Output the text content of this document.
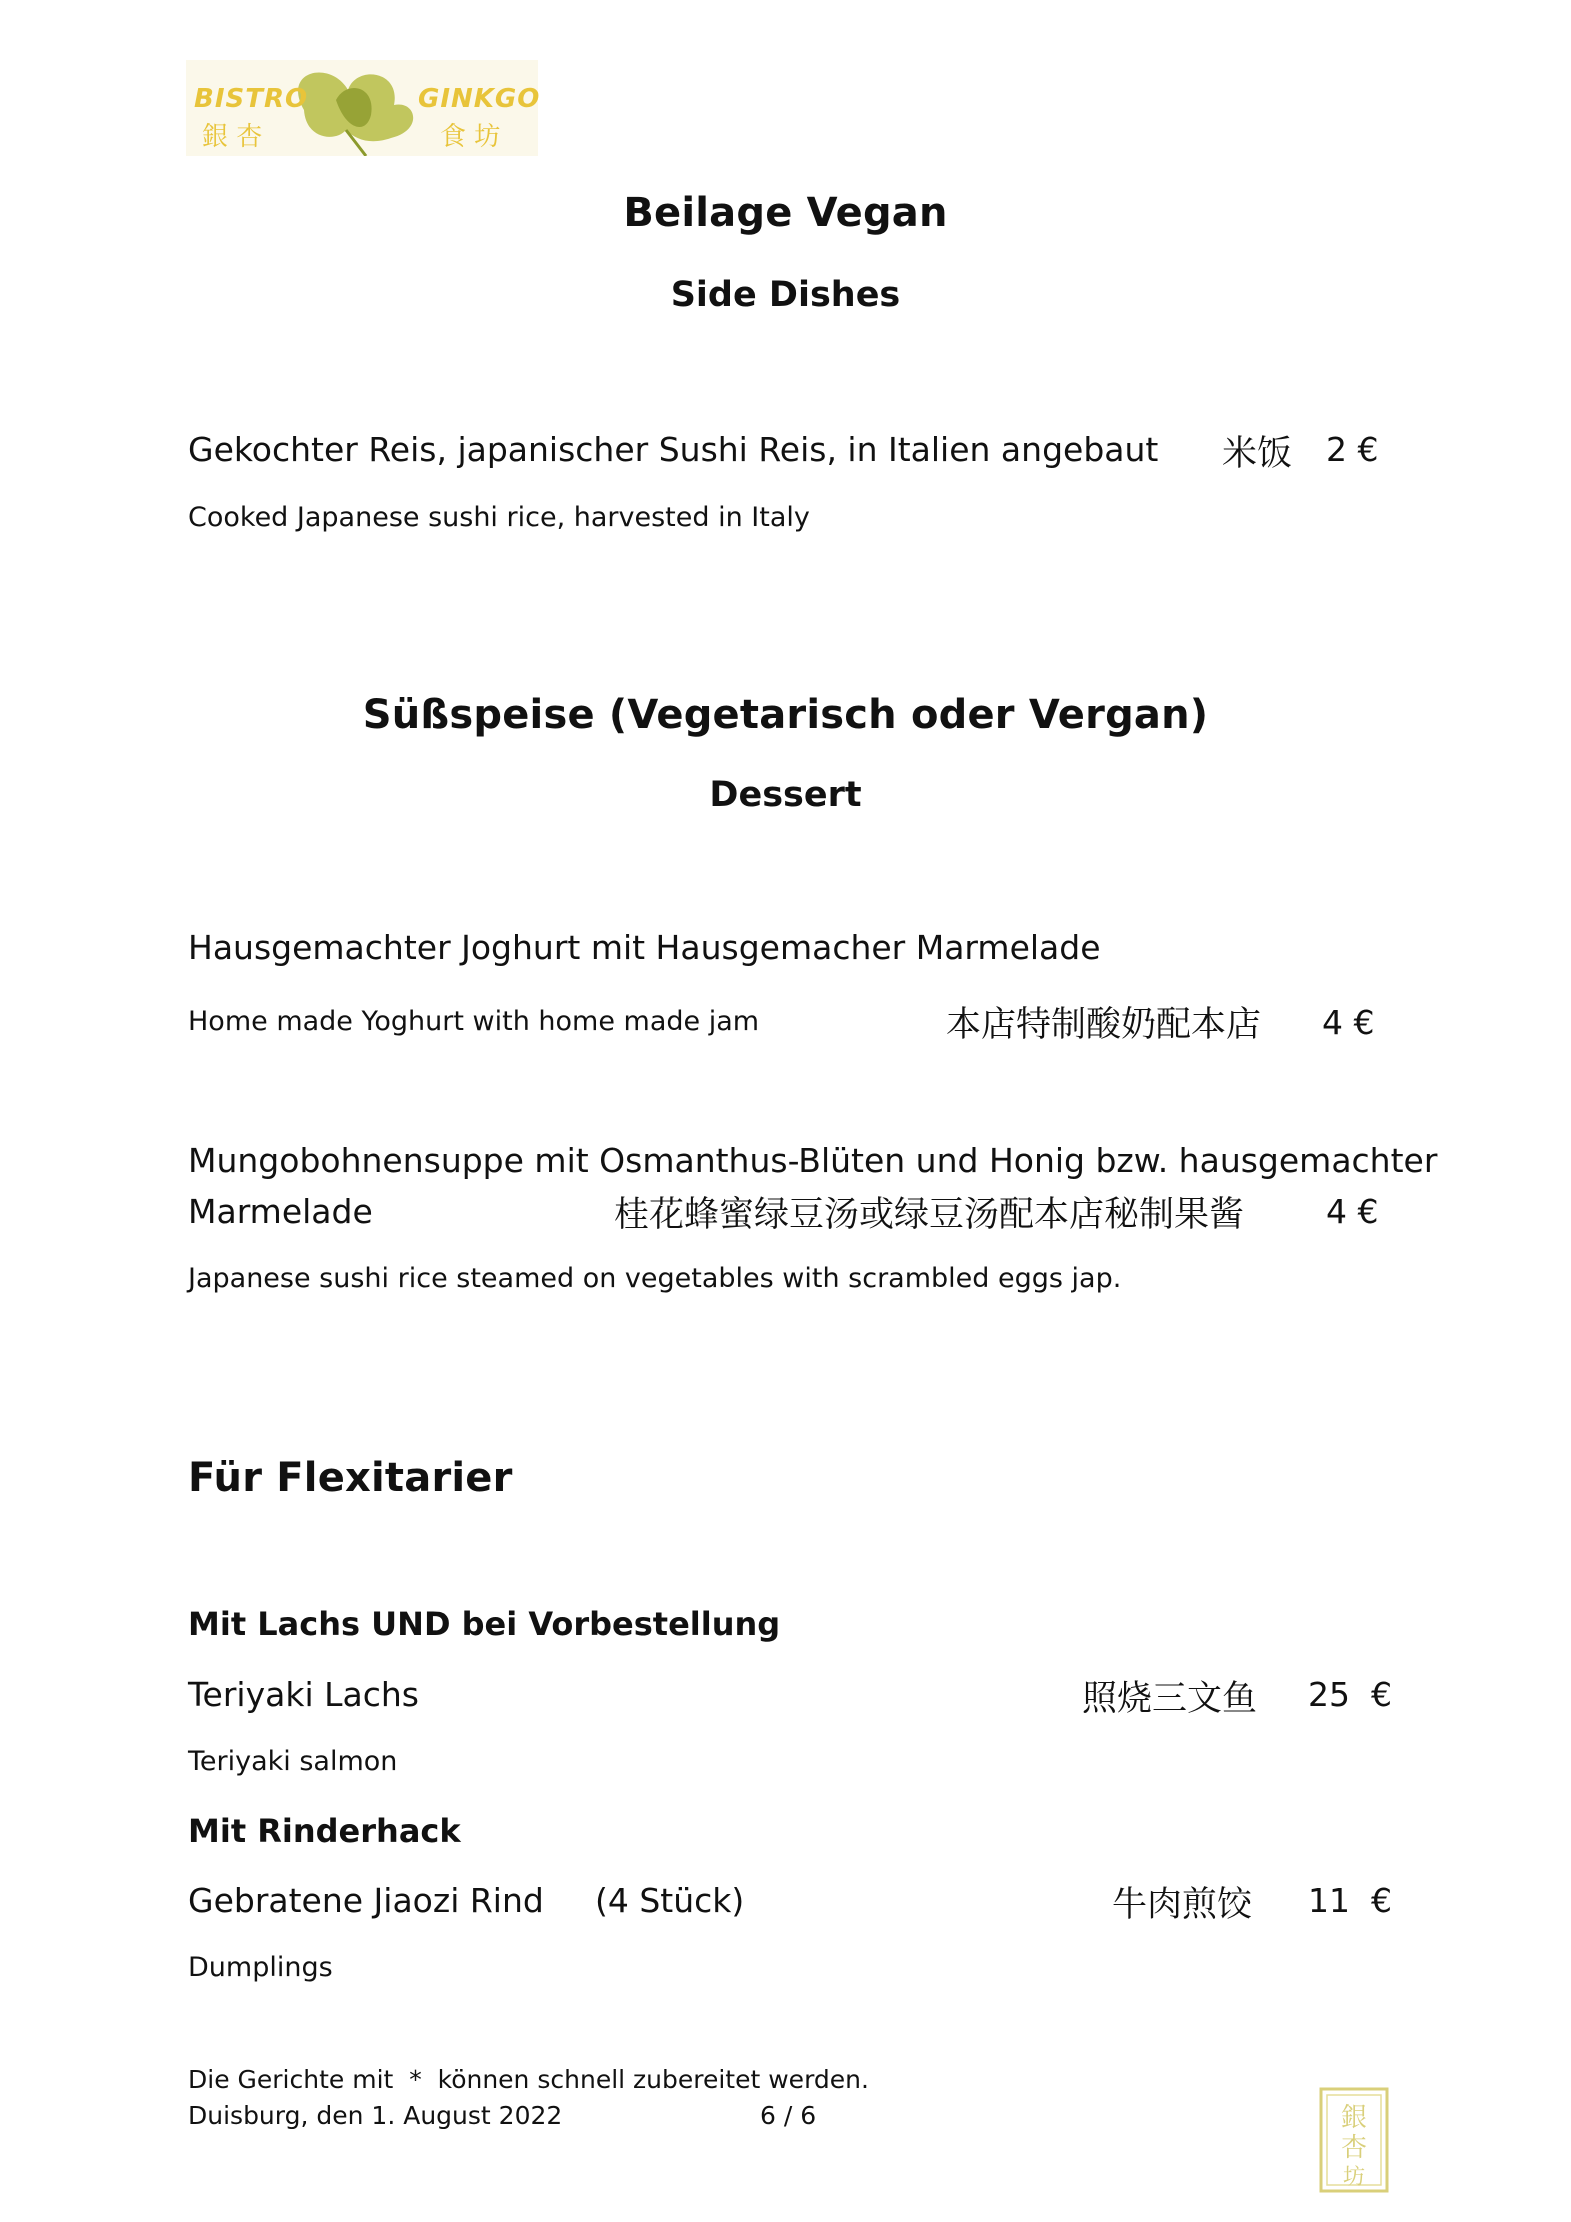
BISTRO	GINKGO
銀 杏	食 坊
Beilage Vegan
Side Dishes
Gekochter Reis, japanischer Sushi Reis, in Italien angebaut 米饭 2 €
Cooked Japanese sushi rice, harvested in Italy
Süßspeise (Vegetarisch oder Vergan)
Dessert
Hausgemachter Joghurt mit Hausgemacher Marmelade
Home made Yoghurt with home made jam	本店特制酸奶配本店 4 €
Mungobohnensuppe mit Osmanthus-Blüten und Honig bzw. hausgemachter
Marmelade	桂花蜂蜜绿豆汤或绿豆汤配本店秘制果酱 4 €
Japanese sushi rice steamed on vegetables with scrambled eggs jap.
Für Flexitarier
Mit Lachs UND bei Vorbestellung
Teriyaki Lachs	照烧三文鱼 25  €
Teriyaki salmon
Mit Rinderhack
Gebratene Jiaozi Rind (4 Stück)	牛肉煎饺 11  €
Dumplings
Die Gerichte mit  *  können schnell zubereitet werden.
Duisburg, den 1. August 2022	6 / 6	銀
杏
坊
